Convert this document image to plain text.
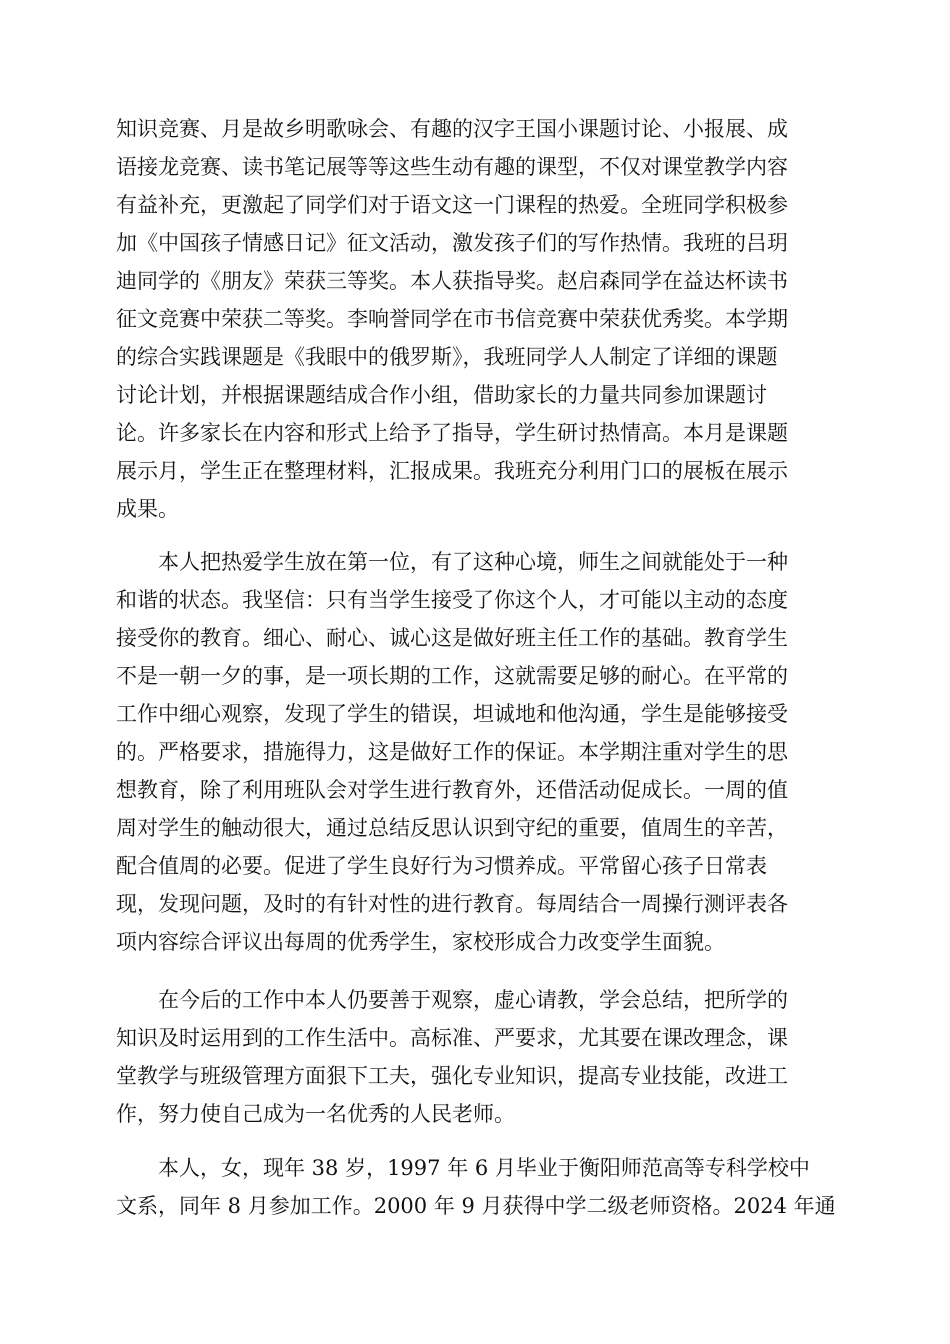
知识竞赛、月是故乡明歌咏会、有趣的汉字王国小课题讨论、小报展、成
语接龙竞赛、读书笔记展等等这些生动有趣的课型，不仅对课堂教学内容
有益补充，更激起了同学们对于语文这一门课程的热爱。全班同学积极参
加《中国孩子情感日记》征文活动，激发孩子们的写作热情。我班的吕玥
迪同学的《朋友》荣获三等奖。本人获指导奖。赵启森同学在益达杯读书
征文竞赛中荣获二等奖。李响誉同学在市书信竞赛中荣获优秀奖。本学期
的综合实践课题是《我眼中的俄罗斯》，我班同学人人制定了详细的课题
讨论计划，并根据课题结成合作小组，借助家长的力量共同参加课题讨
论。许多家长在内容和形式上给予了指导，学生研讨热情高。本月是课题
展示月，学生正在整理材料，汇报成果。我班充分利用门口的展板在展示
成果。
本人把热爱学生放在第一位，有了这种心境，师生之间就能处于一种
和谐的状态。我坚信：只有当学生接受了你这个人，才可能以主动的态度
接受你的教育。细心、耐心、诚心这是做好班主任工作的基础。教育学生
不是一朝一夕的事，是一项长期的工作，这就需要足够的耐心。在平常的
工作中细心观察，发现了学生的错误，坦诚地和他沟通，学生是能够接受
的。严格要求，措施得力，这是做好工作的保证。本学期注重对学生的思
想教育，除了利用班队会对学生进行教育外，还借活动促成长。一周的值
周对学生的触动很大，通过总结反思认识到守纪的重要，值周生的辛苦，
配合值周的必要。促进了学生良好行为习惯养成。平常留心孩子日常表
现，发现问题，及时的有针对性的进行教育。每周结合一周操行测评表各
项内容综合评议出每周的优秀学生，家校形成合力改变学生面貌。
在今后的工作中本人仍要善于观察，虚心请教，学会总结，把所学的
知识及时运用到的工作生活中。高标准、严要求，尤其要在课改理念，课
堂教学与班级管理方面狠下工夫，强化专业知识，提高专业技能，改进工
作，努力使自己成为一名优秀的人民老师。
本人，女，现年 38 岁，1997 年 6 月毕业于衡阳师范高等专科学校中
文系，同年 8 月参加工作。2000 年 9 月获得中学二级老师资格。2024 年通
